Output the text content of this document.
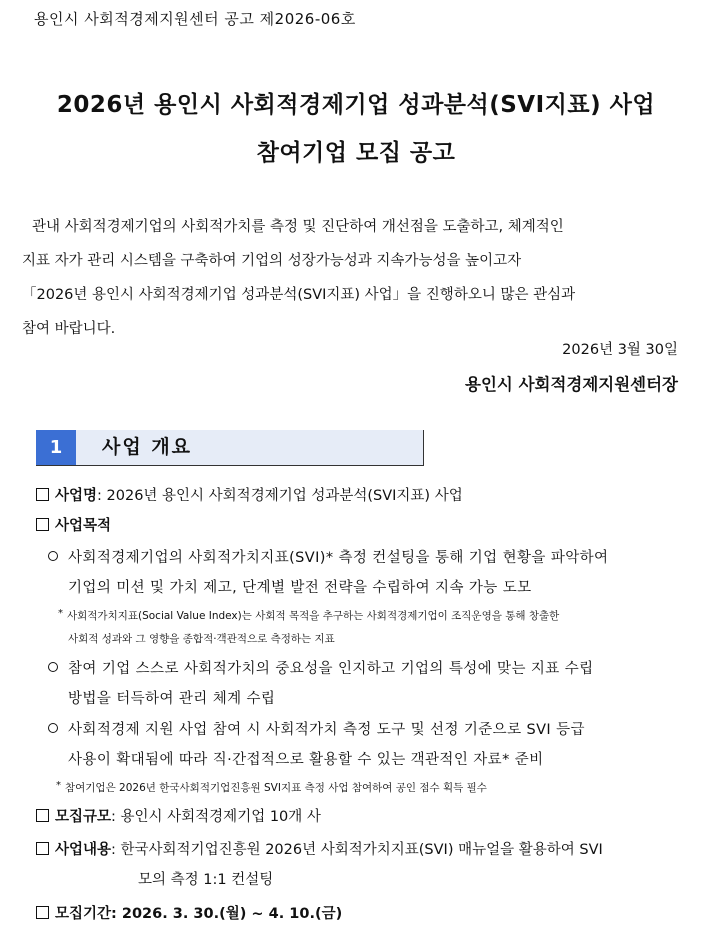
용인시 사회적경제지원센터 공고 제2026-06호
2026년 용인시 사회적경제기업 성과분석(SVI지표) 사업
참여기업 모집 공고
관내 사회적경제기업의 사회적가치를 측정 및 진단하여 개선점을 도출하고, 체계적인
지표 자가 관리 시스템을 구축하여 기업의 성장가능성과 지속가능성을 높이고자
「2026년 용인시 사회적경제기업 성과분석(SVI지표) 사업」을 진행하오니 많은 관심과
참여 바랍니다.
2026년 3월 30일
용인시 사회적경제지원센터장
1	사업 개요
사업명: 2026년 용인시 사회적경제기업 성과분석(SVI지표) 사업
사업목적
사회적경제기업의 사회적가치지표(SVI)* 측정 컨설팅을 통해 기업 현황을 파악하여
기업의 미션 및 가치 제고, 단계별 발전 전략을 수립하여 지속 가능 도모
* 사회적가치지표(Social Value Index)는 사회적 목적을 추구하는 사회적경제기업이 조직운영을 통해 창출한
사회적 성과와 그 영향을 종합적·객관적으로 측정하는 지표
참여 기업 스스로 사회적가치의 중요성을 인지하고 기업의 특성에 맞는 지표 수립
방법을 터득하여 관리 체계 수립
사회적경제 지원 사업 참여 시 사회적가치 측정 도구 및 선정 기준으로 SVI 등급
사용이 확대됨에 따라 직·간접적으로 활용할 수 있는 객관적인 자료* 준비
* 참여기업은 2026년 한국사회적기업진흥원 SVI지표 측정 사업 참여하여 공인 점수 획득 필수
모집규모: 용인시 사회적경제기업 10개 사
사업내용: 한국사회적기업진흥원 2026년 사회적가치지표(SVI) 매뉴얼을 활용하여 SVI
모의 측정 1:1 컨설팅
모집기간: 2026. 3. 30.(월) ~ 4. 10.(금)
